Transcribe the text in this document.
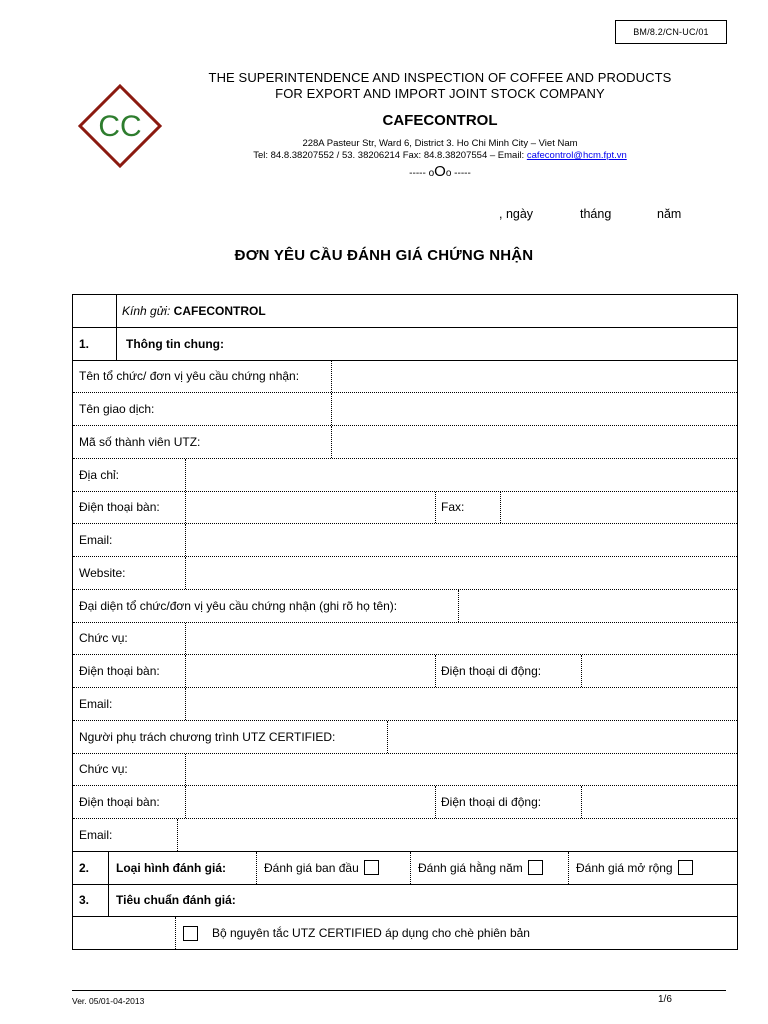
BM/8.2/CN-UC/01
CC
THE SUPERINTENDENCE AND INSPECTION OF COFFEE AND PRODUCTS
FOR EXPORT AND IMPORT JOINT STOCK COMPANY
CAFECONTROL
228A Pasteur Str, Ward 6, District 3. Ho Chi Minh City – Viet Nam
Tel: 84.8.38207552 / 53. 38206214 Fax: 84.8.38207554 – Email: cafecontrol@hcm.fpt.vn
----- oOo -----
, ngày	tháng	năm
ĐƠN YÊU CẦU ĐÁNH GIÁ CHỨNG NHẬN
Kính gửi:
CAFECONTROL
1.	Thông tin chung:
Tên tổ chức/ đơn vị yêu cầu chứng nhận:
Tên giao dịch:
Mã số thành viên UTZ:
Địa chỉ:
Điện thoại bàn:	Fax:
Email:
Website:
Đại diện tổ chức/đơn vị yêu cầu chứng nhận (ghi rõ họ tên):
Chức vụ:
Điện thoại bàn:	Điện thoại di động:
Email:
Người phụ trách chương trình UTZ CERTIFIED:
Chức vụ:
Điện thoại bàn:	Điện thoại di động:
Email:
2.	Loại hình đánh giá:	Đánh giá ban đầu	Đánh giá hằng năm	Đánh giá mở rộng
3.	Tiêu chuẩn đánh giá:
Bộ nguyên tắc UTZ CERTIFIED áp dụng cho chè phiên bản
Ver. 05/01-04-2013	1/6
